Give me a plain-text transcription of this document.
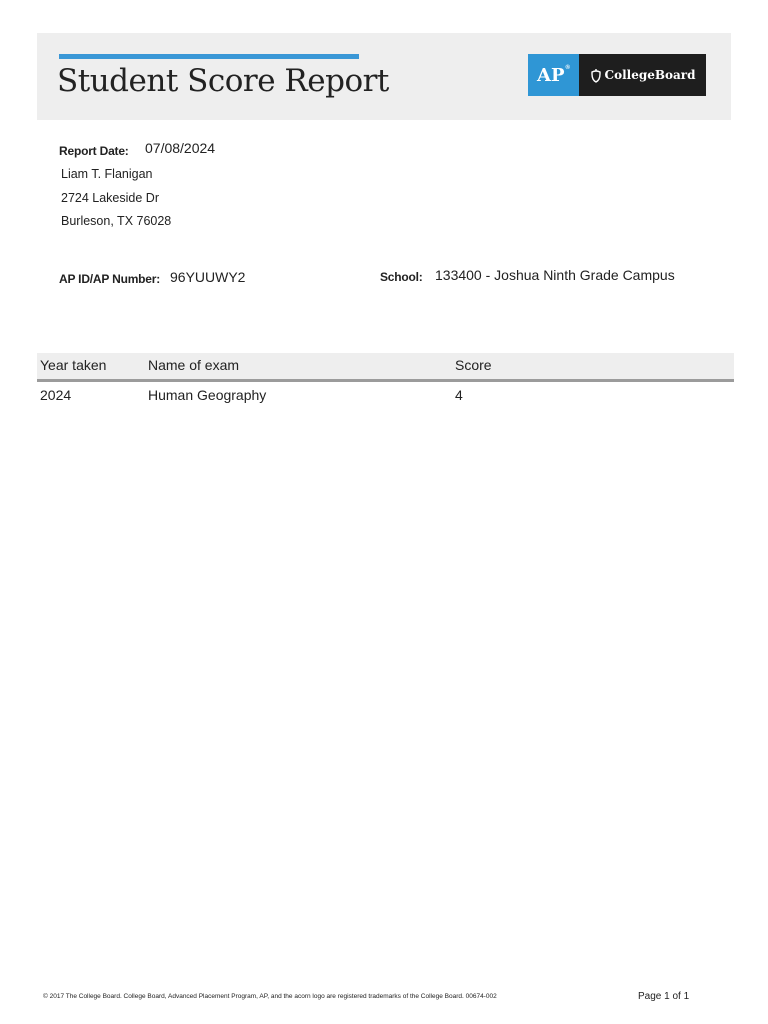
Student Score Report	AP ®	CollegeBoard
Report Date: 07/08/2024
Liam T. Flanigan
2724 Lakeside Dr
Burleson, TX 76028
AP ID/AP Number: 96YUUWY2	School: 133400 - Joshua Ninth Grade Campus
Year taken	Name of exam	Score
2024	Human Geography	4
© 2017 The College Board. College Board, Advanced Placement Program, AP, and the acorn logo are registered trademarks of the College Board. 00674-002	Page 1 of 1
